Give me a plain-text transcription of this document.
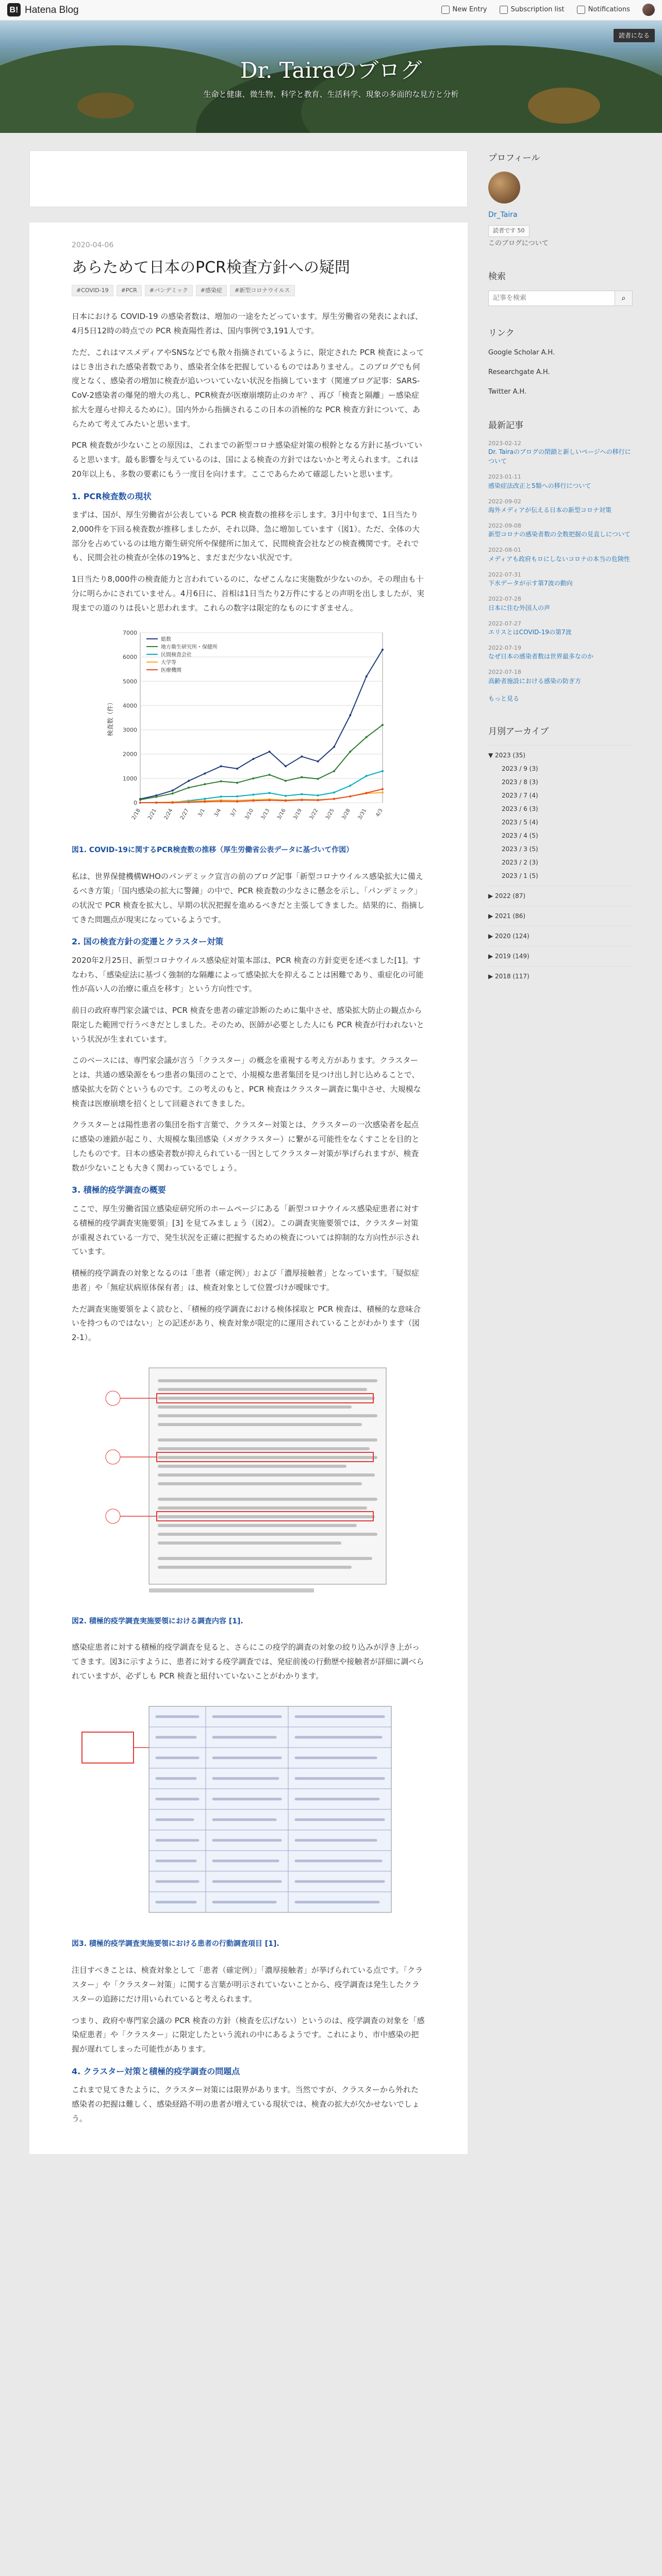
B! Hatena Blog	New Entry	Subscription list	Notifications
Dr. Tairaのブログ
生命と健康、微生物、科学と教育、生活科学、現象の多面的な見方と分析
読者になる
2020-04-06
あらためて日本のPCR検査方針への疑問
#COVID-19	#PCR	#パンデミック	#感染症	#新型コロナウイルス

日本における COVID-19 の感染者数は、増加の一途をたどっています。厚生労働省の発表によれば、4月5日12時の時点での PCR 検査陽性者は、国内事例で3,191人です。

ただ、これはマスメディアやSNSなどでも散々指摘されているように、限定された PCR 検査によってはじき出された感染者数であり、感染者全体を把握しているものではありません。このブログでも何度となく、感染者の増加に検査が追いついていない状況を指摘しています（関連ブログ記事：SARS-CoV-2感染者の爆発的増大の兆し、PCR検査が医療崩壊防止のカギ？、再び「検査と隔離」ー感染症拡大を遅らせ抑えるために）。国内外から指摘されるこの日本の消極的な PCR 検査方針について、あらためて考えてみたいと思います。

PCR 検査数が少ないことの原因は、これまでの新型コロナ感染症対策の根幹となる方針に基づいていると思います。最も影響を与えているのは、国による検査の方針ではないかと考えられます。これは20年以上も、多数の要素にもう一度目を向けます。ここであらためて確認したいと思います。

1. PCR検査数の現状

まずは、国が、厚生労働省が公表している PCR 検査数の推移を示します。3月中旬まで、1日当たり2,000件を下回る検査数が推移しましたが、それ以降、急に増加しています（図1）。ただ、全体の大部分を占めているのは地方衛生研究所や保健所に加えて、民間検査会社などの検査機関です。それでも、民間会社の検査が全体の19%と、まだまだ少ない状況です。

1日当たり8,000件の検査能力と言われているのに、なぜこんなに実施数が少ないのか。その理由も十分に明らかにされていません。4月6日に、首相は1日当たり2万件にするとの声明を出しましたが、実現までの道のりは長いと思われます。これらの数字は限定的なものにすぎません。

0
1000
2000
3000
4000
5000
6000
7000
2/18 2/21 2/24 2/27 3/1 3/4 3/7 3/10 3/13 3/16 3/19 3/22 3/25 3/28 3/31 4/3
検査数（件）
総数
地方衛生研究所・保健所
民間検査会社
大学等
医療機関
図1. COVID-19に関するPCR検査数の推移（厚生労働省公表データに基づいて作図）

私は、世界保健機構WHOのパンデミック宣言の前のブログ記事「新型コロナウイルス感染拡大に備えるべき方策」「国内感染の拡大に警鐘」の中で、PCR 検査数の少なさに懸念を示し、「パンデミック」の状況で PCR 検査を拡大し、早期の状況把握を進めるべきだと主張してきました。結果的に、指摘してきた問題点が現実になっているようです。

2. 国の検査方針の変遷とクラスター対策

2020年2月25日、新型コロナウイルス感染症対策本部は、PCR 検査の方針変更を述べました[1]。すなわち、「感染症法に基づく強制的な隔離によって感染拡大を抑えることは困難であり、重症化の可能性が高い人の治療に重点を移す」という方向性です。

前日の政府専門家会議では、PCR 検査を患者の確定診断のために集中させ、感染拡大防止の観点から限定した範囲で行うべきだとしました。そのため、医師が必要とした人にも PCR 検査が行われないという状況が生まれています。

このベースには、専門家会議が言う「クラスター」の概念を重視する考え方があります。クラスターとは、共通の感染源をもつ患者の集団のことで、小規模な患者集団を見つけ出し封じ込めることで、感染拡大を防ぐというものです。この考えのもと、PCR 検査はクラスター調査に集中させ、大規模な検査は医療崩壊を招くとして回避されてきました。

クラスターとは陽性患者の集団を指す言葉で、クラスター対策とは、クラスターの一次感染者を起点に感染の連鎖が起こり、大規模な集団感染（メガクラスター）に繋がる可能性をなくすことを目的としたものです。日本の感染者数が抑えられている一因としてクラスター対策が挙げられますが、検査数が少ないことも大きく関わっているでしょう。

3. 積極的疫学調査の概要

ここで、厚生労働省国立感染症研究所のホームページにある「新型コロナウイルス感染症患者に対する積極的疫学調査実施要領」[3] を見てみましょう（図2）。この調査実施要領では、クラスター対策が重視されている一方で、発生状況を正確に把握するための検査については抑制的な方向性が示されています。

積極的疫学調査の対象となるのは「患者（確定例）」および「濃厚接触者」となっています。「疑似症患者」や「無症状病原体保有者」は、検査対象として位置づけが曖昧です。

ただ調査実施要領をよく読むと、「積極的疫学調査における検体採取と PCR 検査は、積極的な意味合いを持つものではない」との記述があり、検査対象が限定的に運用されていることがわかります（図2-1）。

図2. 積極的疫学調査実施要領における調査内容 [1].

感染症患者に対する積極的疫学調査を見ると、さらにこの疫学的調査の対象の絞り込みが浮き上がってきます。図3に示すように、患者に対する疫学調査では、発症前後の行動歴や接触者が詳細に調べられていますが、必ずしも PCR 検査と紐付いていないことがわかります。

図3. 積極的疫学調査実施要領における患者の行動調査項目 [1].

注目すべきことは、検査対象として「患者（確定例）」「濃厚接触者」が挙げられている点です。「クラスター」や「クラスター対策」に関する言葉が明示されていないことから、疫学調査は発生したクラスターの追跡にだけ用いられていると考えられます。

つまり、政府や専門家会議の PCR 検査の方針（検査を広げない）というのは、疫学調査の対象を「感染症患者」や「クラスター」に限定したという流れの中にあるようです。これにより、市中感染の把握が遅れてしまった可能性があります。

4. クラスター対策と積極的疫学調査の問題点

これまで見てきたように、クラスター対策には限界があります。当然ですが、クラスターから外れた感染者の把握は難しく、感染経路不明の患者が増えている現状では、検査の拡大が欠かせないでしょう。

プロフィール
Dr_Taira
読者です 50
このブログについて
検索
記事を検索
⌕
リンク
Google Scholar A.H.
Researchgate A.H.
Twitter A.H.
最新記事
2023-02-12
Dr. Tairaのブログの閉鎖と新しいページへの移行について
2023-01-11
感染症法改正と5類への移行について
2022-09-02
海外メディアが伝える日本の新型コロナ対策
2022-09-08
新型コロナの感染者数の全数把握の見直しについて
2022-08-01
メディアも政府もロにしないコロナの本当の危険性
2022-07-31
下水データが示す第7波の動向
2022-07-28
日本に住む外国人の声
2022-07-27
エリスとはCOVID-19の第7波
2022-07-19
なぜ日本の感染者数は世界最多なのか
2022-07-18
高齢者施設における感染の防ぎ方
もっと見る
月別アーカイブ
▼ 2023 (35)
2023 / 9 (3)
2023 / 8 (3)
2023 / 7 (4)
2023 / 6 (3)
2023 / 5 (4)
2023 / 4 (5)
2023 / 3 (5)
2023 / 2 (3)
2023 / 1 (5)
▶ 2022 (87)
▶ 2021 (86)
▶ 2020 (124)
▶ 2019 (149)
▶ 2018 (117)
